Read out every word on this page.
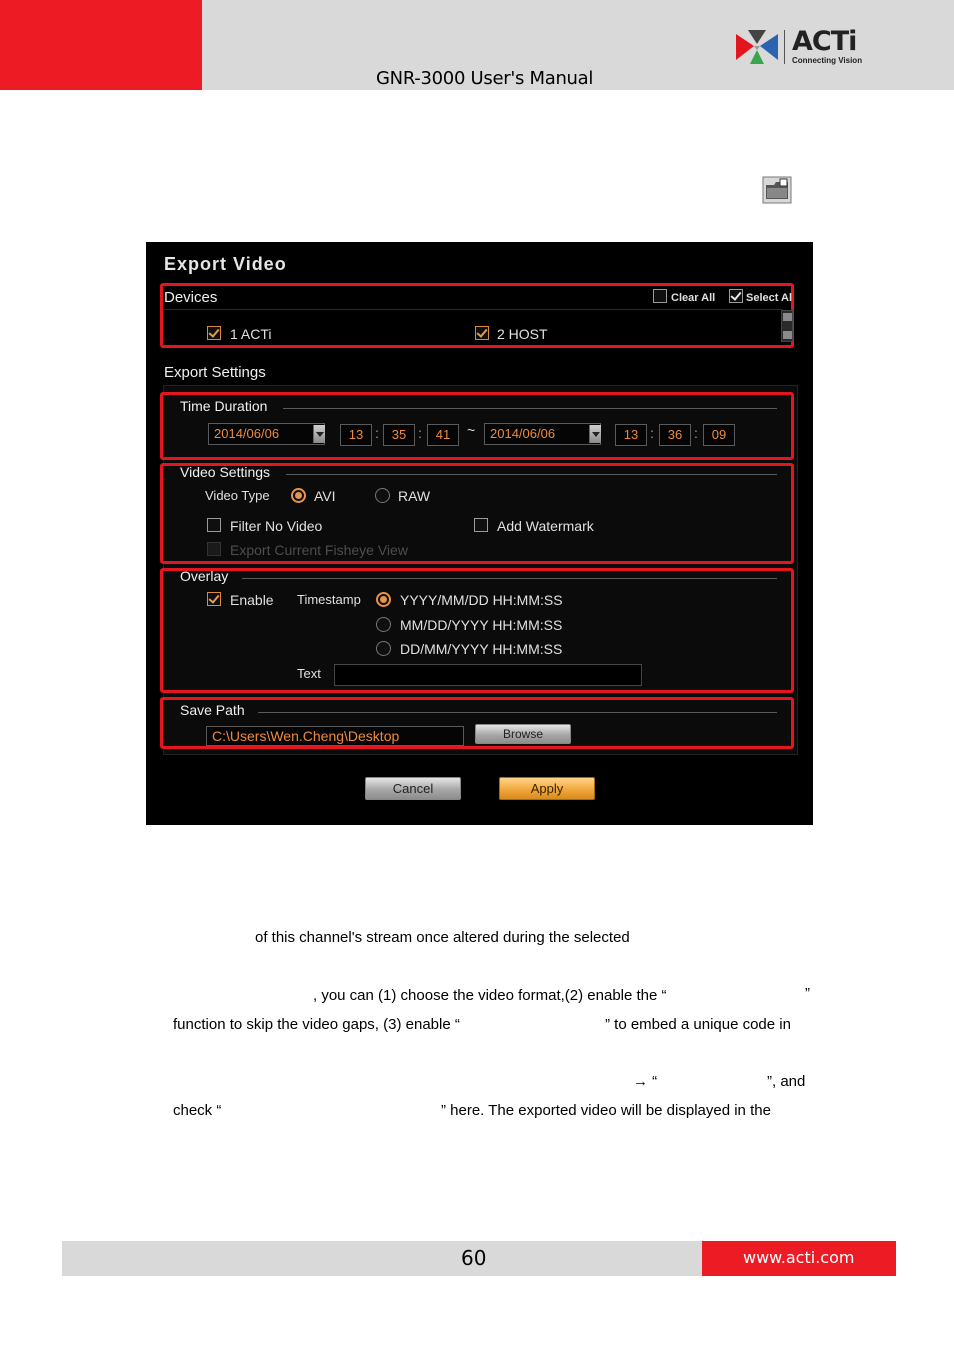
GNR-3000 User's Manual
ACTi
Connecting Vision
Export Video
Devices	Clear All	Select Al
1 ACTi	2 HOST
Export Settings
Time Duration
2014/06/06	13 : 35 :	41	~	2014/06/06	13 :	36 :	09
Video Settings
Video Type	AVI	RAW
Filter No Video	Add Watermark
Export Current Fisheye View
Overlay
Enable Timestamp	YYYY/MM/DD HH:MM:SS
MM/DD/YYYY HH:MM:SS
DD/MM/YYYY HH:MM:SS
Text
Save Path
C:\Users\Wen.Cheng\Desktop	Browse
Cancel	Apply
of this channel's stream once altered during the selected
, you can (1) choose the video format,(2) enable the “	”
function to skip the video gaps, (3) enable “	” to embed a unique code in
→ “	”, and
check “	” here. The exported video will be displayed in the
60	www.acti.com
